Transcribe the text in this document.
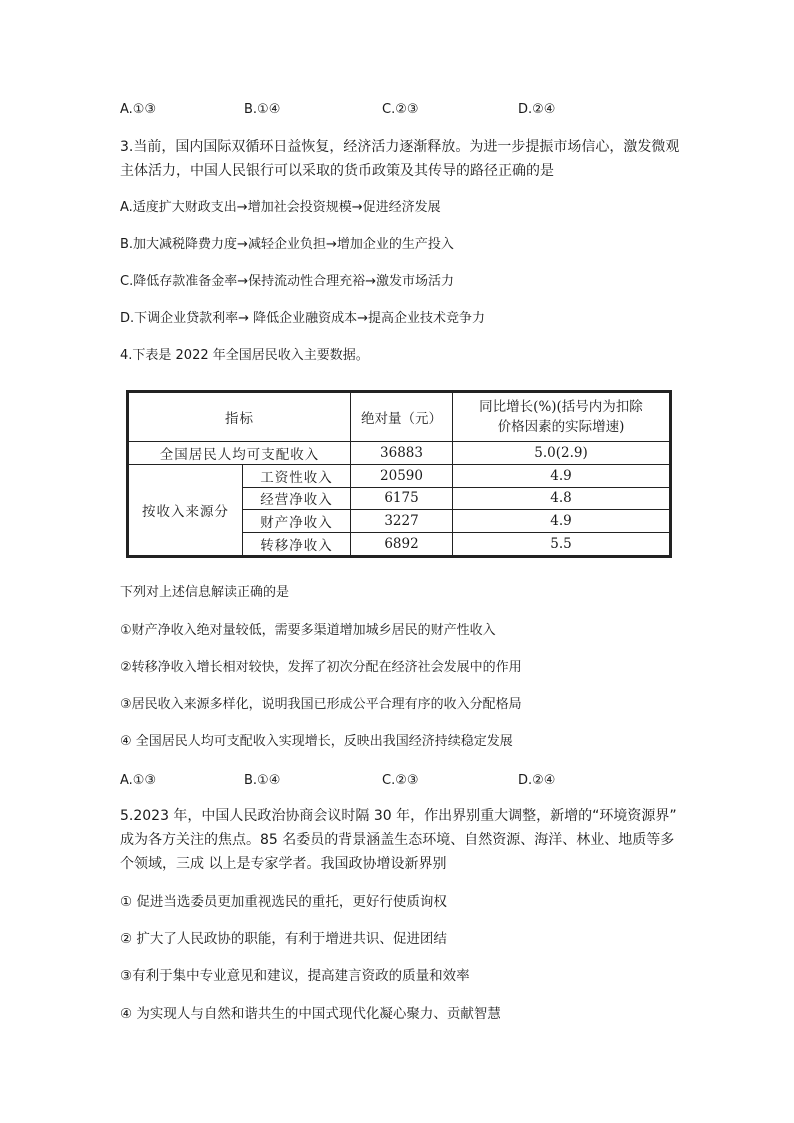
A.①③	B.①④	C.②③	D.②④
3.当前，国内国际双循环日益恢复，经济活力逐渐释放。为进一步提振市场信心，激发微观
主体活力，中国人民银行可以采取的货币政策及其传导的路径正确的是
A.适度扩大财政支出→增加社会投资规模→促进经济发展
B.加大减税降费力度→减轻企业负担→增加企业的生产投入
C.降低存款准备金率→保持流动性合理充裕→激发市场活力
D.下调企业贷款利率→ 降低企业融资成本→提高企业技术竞争力
4.下表是 2022 年全国居民收入主要数据。
指标		绝对量（元）	同比增长(%)(括号内为扣除
价格因素的实际增速)

全国居民人均可支配收入		36883	5.0(2.9)
按收入来源分	工资性收入	20590	4.9
	经营净收入	6175	4.8
	财产净收入	3227	4.9
	转移净收入	6892	5.5
下列对上述信息解读正确的是
①财产净收入绝对量较低，需要多渠道增加城乡居民的财产性收入
②转移净收入增长相对较快，发挥了初次分配在经济社会发展中的作用
③居民收入来源多样化，说明我国已形成公平合理有序的收入分配格局
④ 全国居民人均可支配收入实现增长，反映出我国经济持续稳定发展
A.①③	B.①④	C.②③	D.②④
5.2023 年，中国人民政治协商会议时隔 30 年，作出界别重大调整，新增的“环境资源界”
成为各方关注的焦点。85 名委员的背景涵盖生态环境、自然资源、海洋、林业、地质等多
个领域，三成 以上是专家学者。我国政协增设新界别
① 促进当选委员更加重视选民的重托，更好行使质询权
② 扩大了人民政协的职能，有利于增进共识、促进团结
③有利于集中专业意见和建议，提高建言资政的质量和效率
④ 为实现人与自然和谐共生的中国式现代化凝心聚力、贡献智慧
